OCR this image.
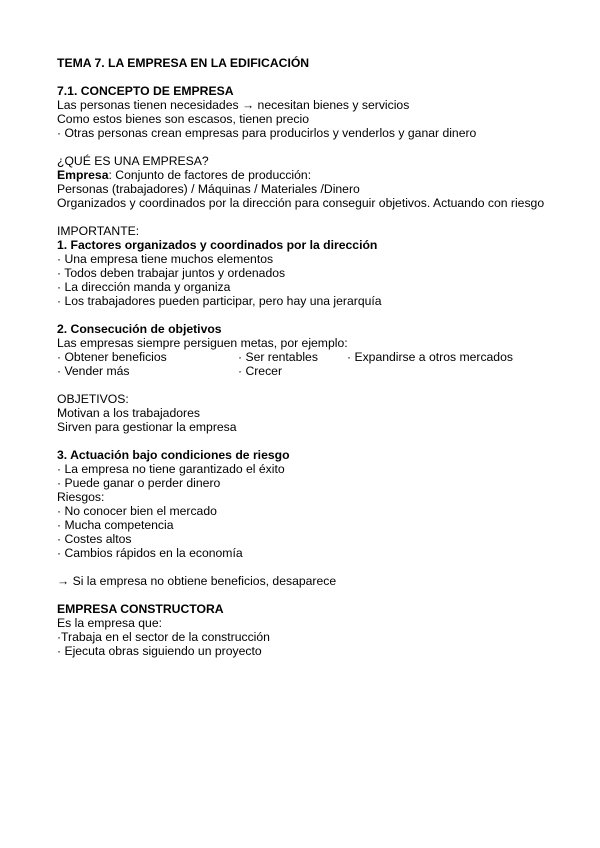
TEMA 7. LA EMPRESA EN LA EDIFICACIÓN
7.1. CONCEPTO DE EMPRESA
Las personas tienen necesidades → necesitan bienes y servicios
Como estos bienes son escasos, tienen precio
· Otras personas crean empresas para producirlos y venderlos y ganar dinero
¿QUÉ ES UNA EMPRESA?
Empresa: Conjunto de factores de producción:
Personas (trabajadores) / Máquinas / Materiales /Dinero
Organizados y coordinados por la dirección para conseguir objetivos. Actuando con riesgo
IMPORTANTE:
1. Factores organizados y coordinados por la dirección
· Una empresa tiene muchos elementos
· Todos deben trabajar juntos y ordenados
· La dirección manda y organiza
· Los trabajadores pueden participar, pero hay una jerarquía
2. Consecución de objetivos
Las empresas siempre persiguen metas, por ejemplo:
· Obtener beneficios	· Ser rentables · Expandirse a otros mercados
· Vender más	· Crecer
OBJETIVOS:
Motivan a los trabajadores
Sirven para gestionar la empresa
3. Actuación bajo condiciones de riesgo
· La empresa no tiene garantizado el éxito
· Puede ganar o perder dinero
Riesgos:
· No conocer bien el mercado
· Mucha competencia
· Costes altos
· Cambios rápidos en la economía
→ Si la empresa no obtiene beneficios, desaparece
EMPRESA CONSTRUCTORA
Es la empresa que:
·Trabaja en el sector de la construcción
· Ejecuta obras siguiendo un proyecto
